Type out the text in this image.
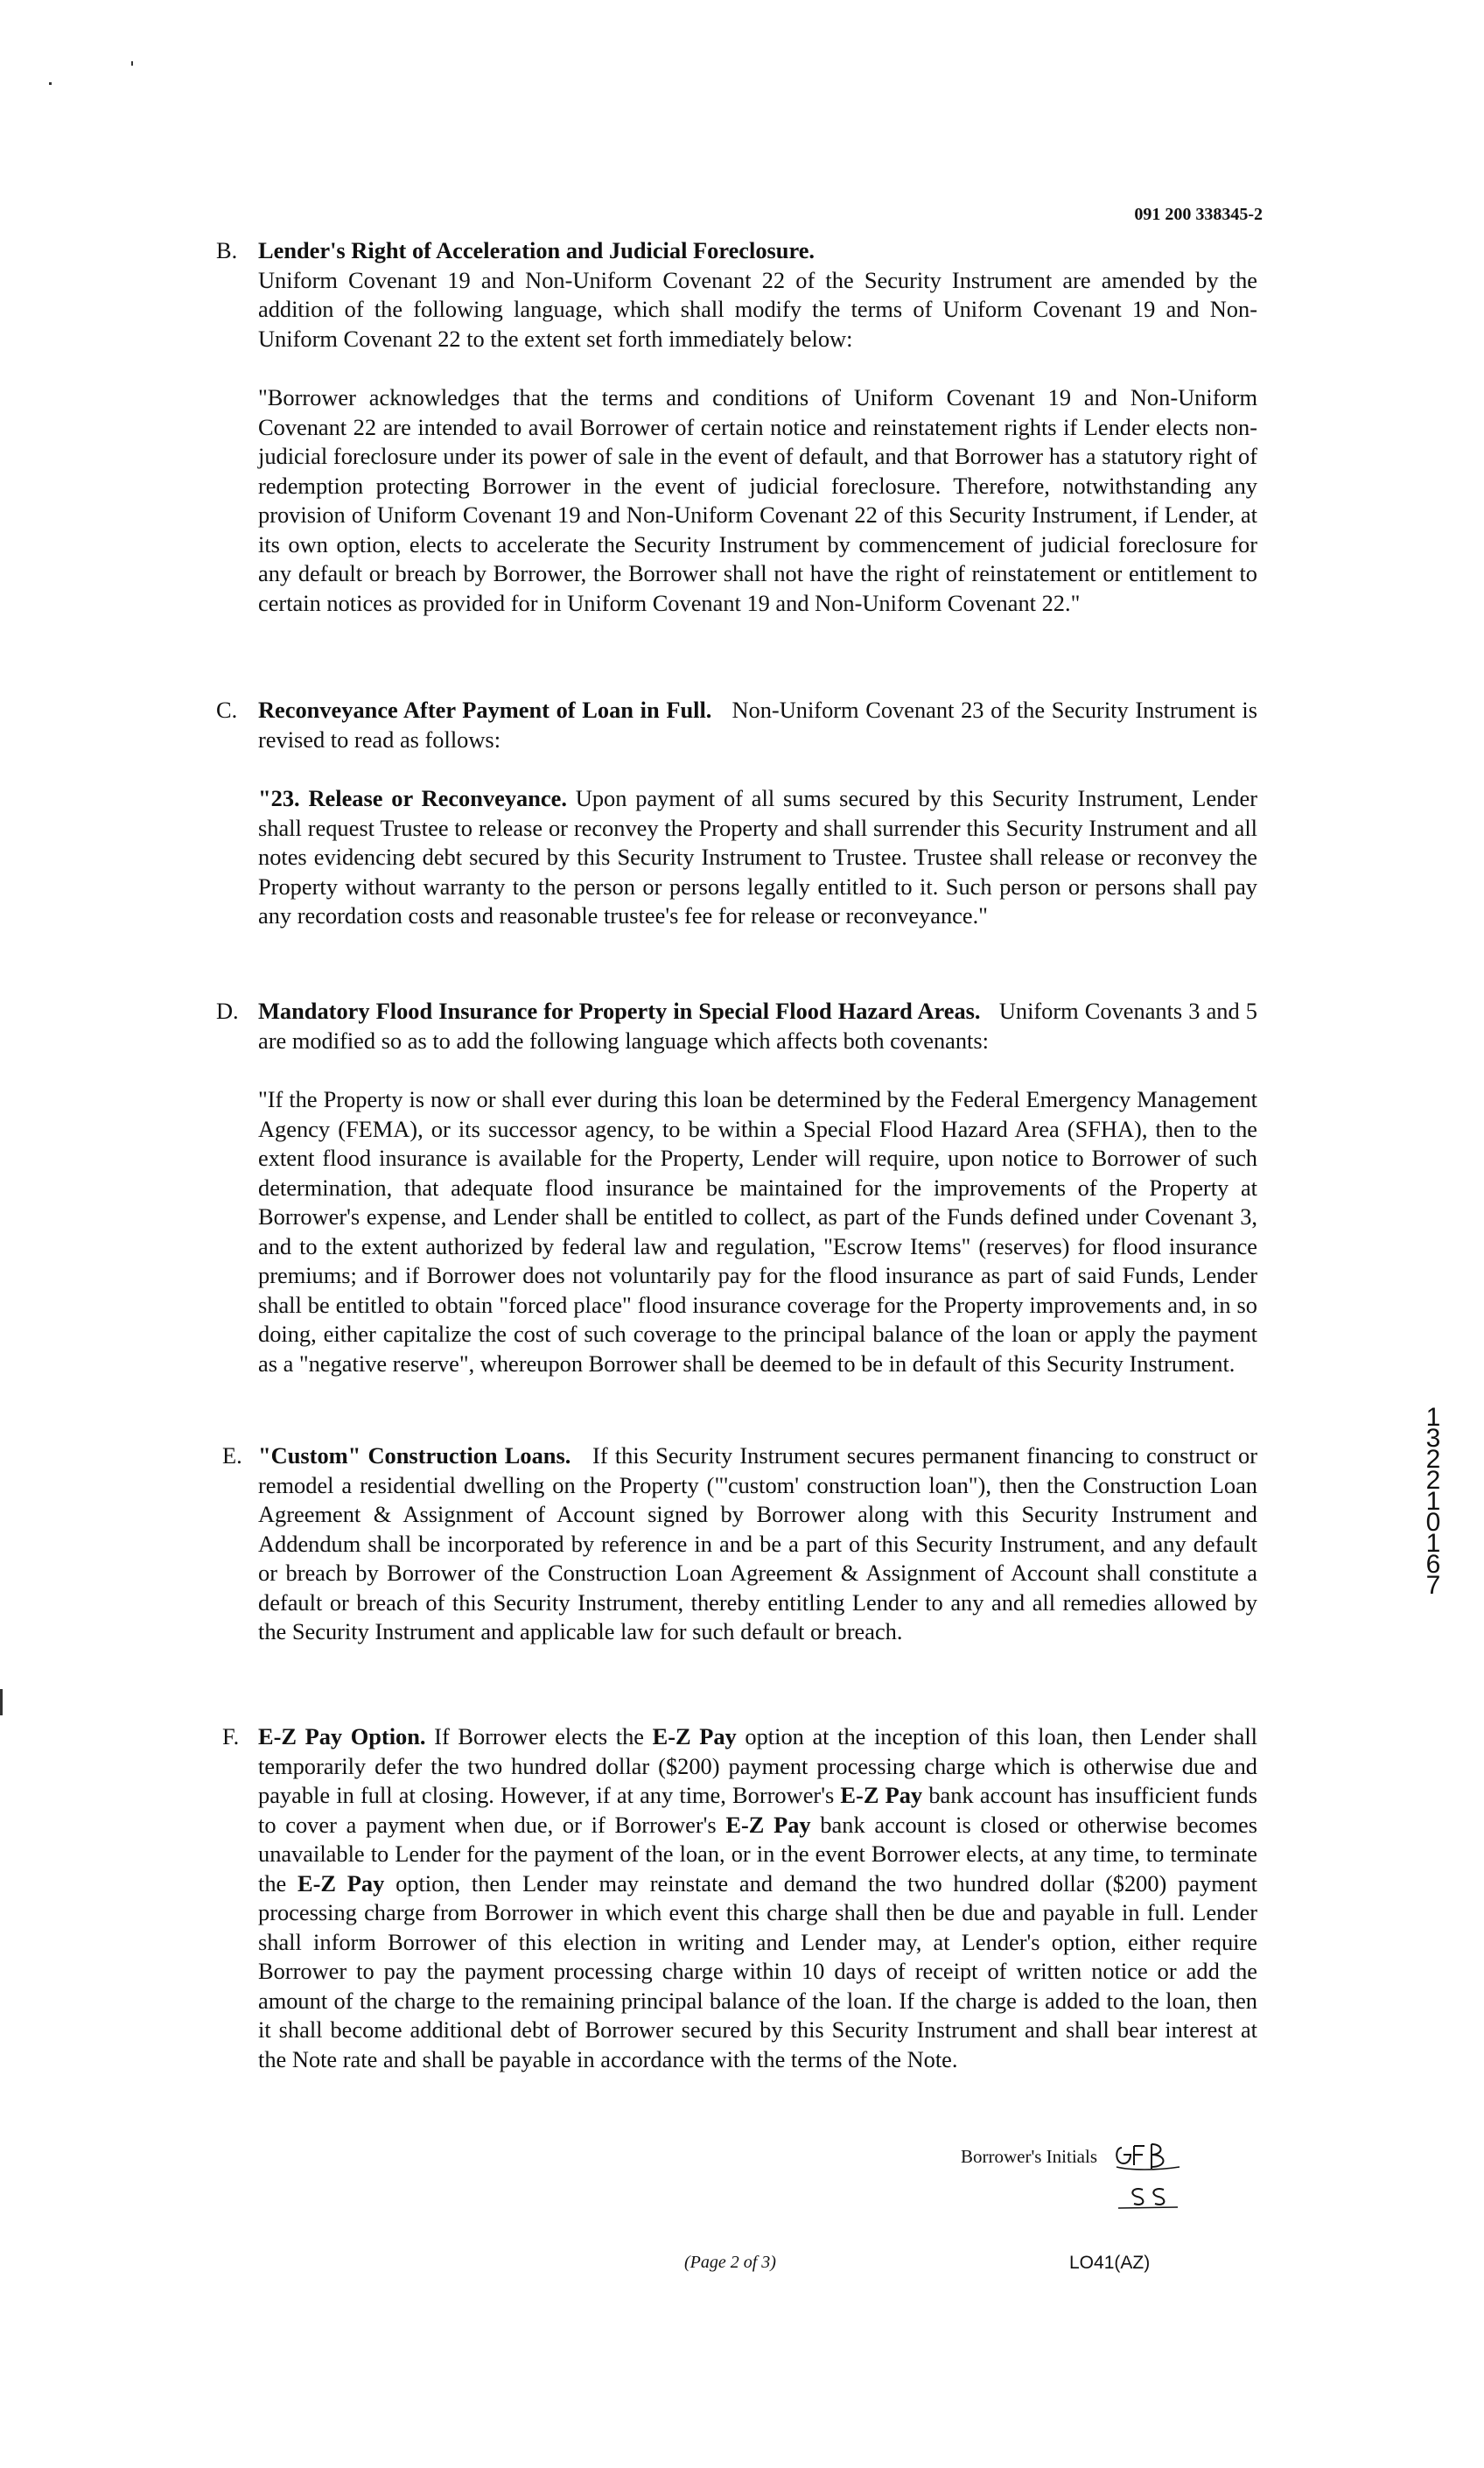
091 200 338345-2
B. Lender's Right of Acceleration and Judicial Foreclosure.
Uniform Covenant 19 and Non-Uniform Covenant 22 of the Security Instrument are amended by the addition of the following language, which shall modify the terms of Uniform Covenant 19 and Non-Uniform Covenant 22 to the extent set forth immediately below:
"Borrower acknowledges that the terms and conditions of Uniform Covenant 19 and Non-Uniform Covenant 22 are intended to avail Borrower of certain notice and reinstatement rights if Lender elects non-judicial foreclosure under its power of sale in the event of default, and that Borrower has a statutory right of redemption protecting Borrower in the event of judicial foreclosure. Therefore, notwithstanding any provision of Uniform Covenant 19 and Non-Uniform Covenant 22 of this Security Instrument, if Lender, at its own option, elects to accelerate the Security Instrument by commencement of judicial foreclosure for any default or breach by Borrower, the Borrower shall not have the right of reinstatement or entitlement to certain notices as provided for in Uniform Covenant 19 and Non-Uniform Covenant 22."
C. Reconveyance After Payment of Loan in Full. Non-Uniform Covenant 23 of the Security Instrument is revised to read as follows:
"23. Release or Reconveyance. Upon payment of all sums secured by this Security Instrument, Lender shall request Trustee to release or reconvey the Property and shall surrender this Security Instrument and all notes evidencing debt secured by this Security Instrument to Trustee. Trustee shall release or reconvey the Property without warranty to the person or persons legally entitled to it. Such person or persons shall pay any recordation costs and reasonable trustee's fee for release or reconveyance."
D. Mandatory Flood Insurance for Property in Special Flood Hazard Areas. Uniform Covenants 3 and 5 are modified so as to add the following language which affects both covenants:
"If the Property is now or shall ever during this loan be determined by the Federal Emergency Management Agency (FEMA), or its successor agency, to be within a Special Flood Hazard Area (SFHA), then to the extent flood insurance is available for the Property, Lender will require, upon notice to Borrower of such determination, that adequate flood insurance be maintained for the improvements of the Property at Borrower's expense, and Lender shall be entitled to collect, as part of the Funds defined under Covenant 3, and to the extent authorized by federal law and regulation, "Escrow Items" (reserves) for flood insurance premiums; and if Borrower does not voluntarily pay for the flood insurance as part of said Funds, Lender shall be entitled to obtain "forced place" flood insurance coverage for the Property improvements and, in so doing, either capitalize the cost of such coverage to the principal balance of the loan or apply the payment as a "negative reserve", whereupon Borrower shall be deemed to be in default of this Security Instrument.
E. "Custom" Construction Loans. If this Security Instrument secures permanent financing to construct or remodel a residential dwelling on the Property ("'custom' construction loan"), then the Construction Loan Agreement & Assignment of Account signed by Borrower along with this Security Instrument and Addendum shall be incorporated by reference in and be a part of this Security Instrument, and any default or breach by Borrower of the Construction Loan Agreement & Assignment of Account shall constitute a default or breach of this Security Instrument, thereby entitling Lender to any and all remedies allowed by the Security Instrument and applicable law for such default or breach.
F. E-Z Pay Option. If Borrower elects the E-Z Pay option at the inception of this loan, then Lender shall temporarily defer the two hundred dollar ($200) payment processing charge which is otherwise due and payable in full at closing. However, if at any time, Borrower's E-Z Pay bank account has insufficient funds to cover a payment when due, or if Borrower's E-Z Pay bank account is closed or otherwise becomes unavailable to Lender for the payment of the loan, or in the event Borrower elects, at any time, to terminate the E-Z Pay option, then Lender may reinstate and demand the two hundred dollar ($200) payment processing charge from Borrower in which event this charge shall then be due and payable in full. Lender shall inform Borrower of this election in writing and Lender may, at Lender's option, either require Borrower to pay the payment processing charge within 10 days of receipt of written notice or add the amount of the charge to the remaining principal balance of the loan. If the charge is added to the loan, then it shall become additional debt of Borrower secured by this Security Instrument and shall bear interest at the Note rate and shall be payable in accordance with the terms of the Note.
Borrower's Initials
(Page 2 of 3)	LO41(AZ)
13221 0167
